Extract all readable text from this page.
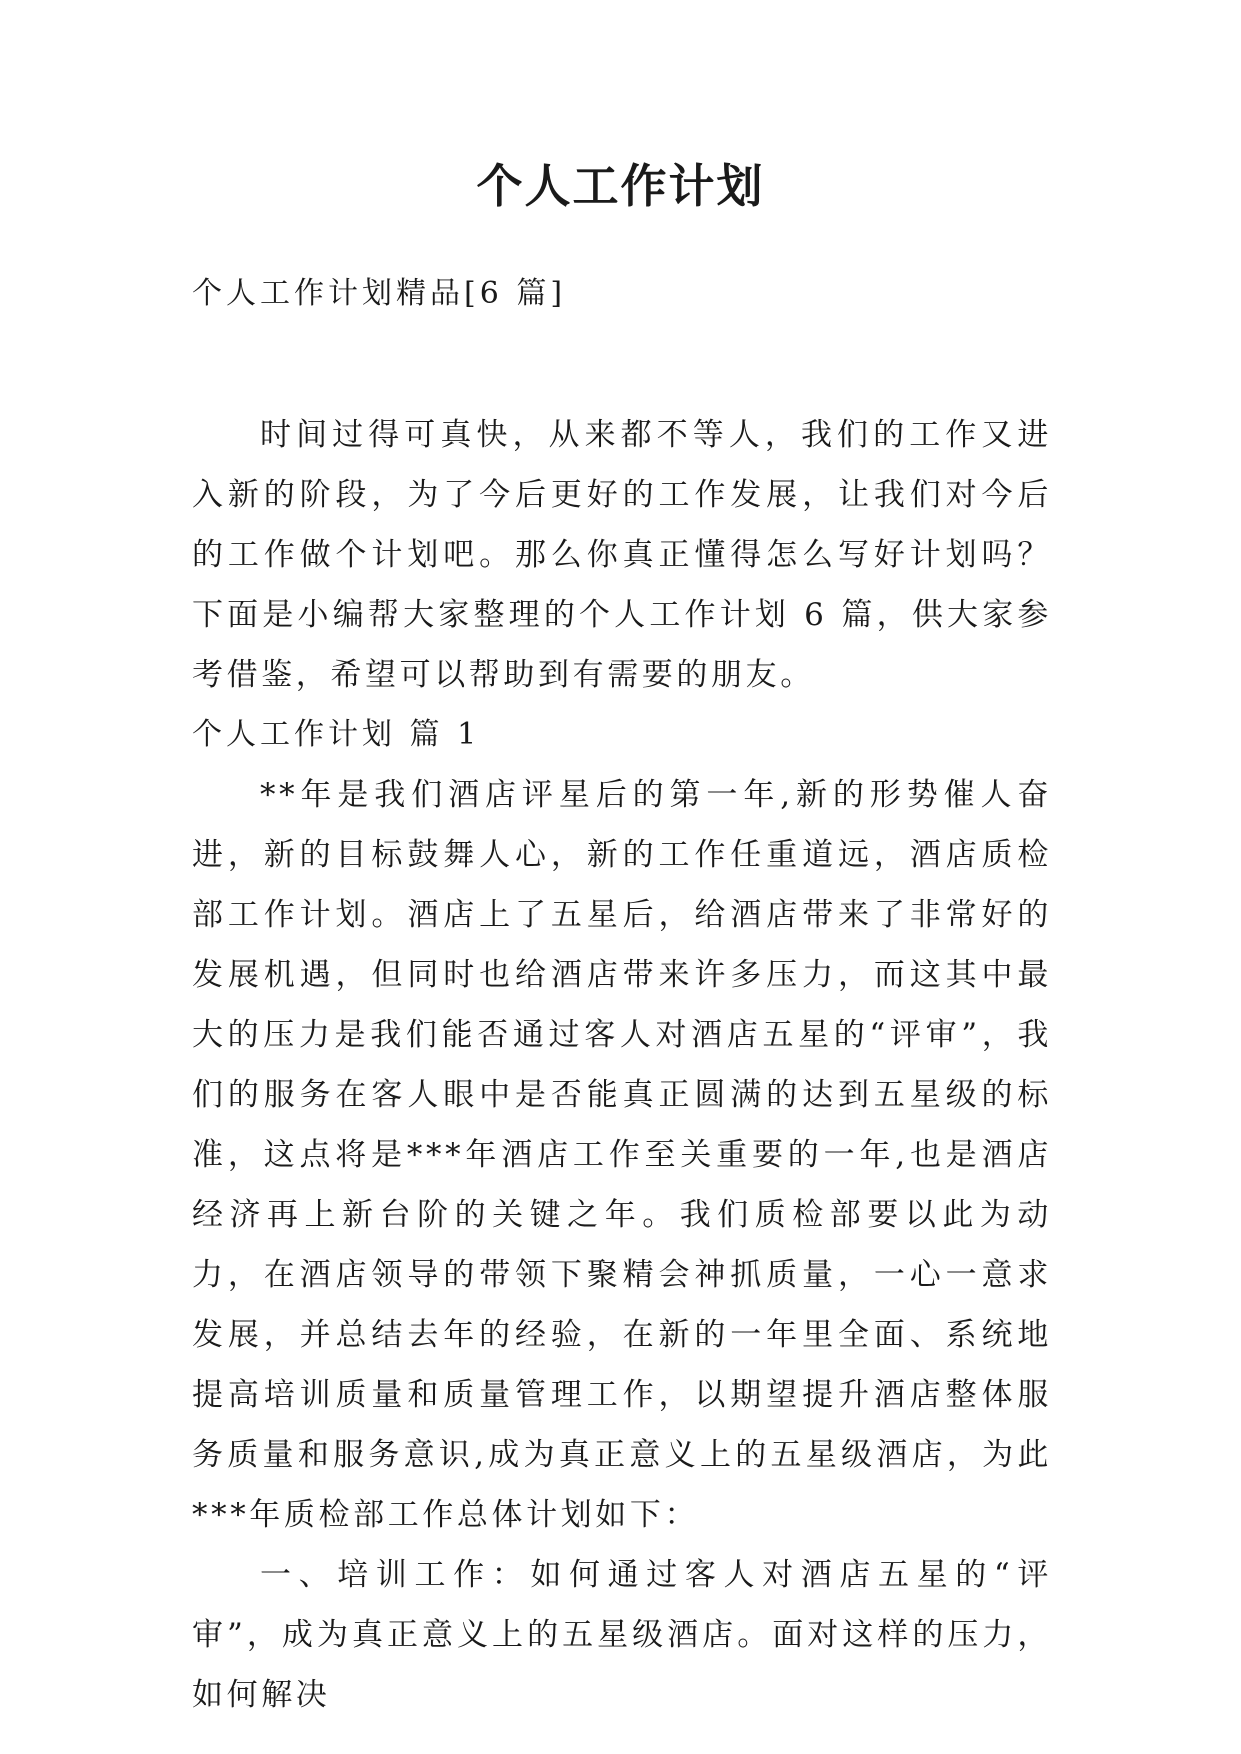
个人工作计划

个人工作计划精品[6 篇]

时间过得可真快，从来都不等人，我们的工作又进入新的阶段，为了今后更好的工作发展，让我们对今后的工作做个计划吧。那么你真正懂得怎么写好计划吗？下面是小编帮大家整理的个人工作计划 6 篇，供大家参考借鉴，希望可以帮助到有需要的朋友。

个人工作计划 篇 1

**年是我们酒店评星后的第一年,新的形势催人奋进，新的目标鼓舞人心，新的工作任重道远，酒店质检部工作计划。酒店上了五星后，给酒店带来了非常好的发展机遇，但同时也给酒店带来许多压力，而这其中最大的压力是我们能否通过客人对酒店五星的“评审”，我们的服务在客人眼中是否能真正圆满的达到五星级的标准，这点将是***年酒店工作至关重要的一年,也是酒店经济再上新台阶的关键之年。我们质检部要以此为动力，在酒店领导的带领下聚精会神抓质量，一心一意求发展，并总结去年的经验，在新的一年里全面、系统地提高培训质量和质量管理工作，以期望提升酒店整体服务质量和服务意识,成为真正意义上的五星级酒店，为此***年质检部工作总体计划如下：

一、培训工作：如何通过客人对酒店五星的“评审”，成为真正意义上的五星级酒店。面对这样的压力，如何解决
